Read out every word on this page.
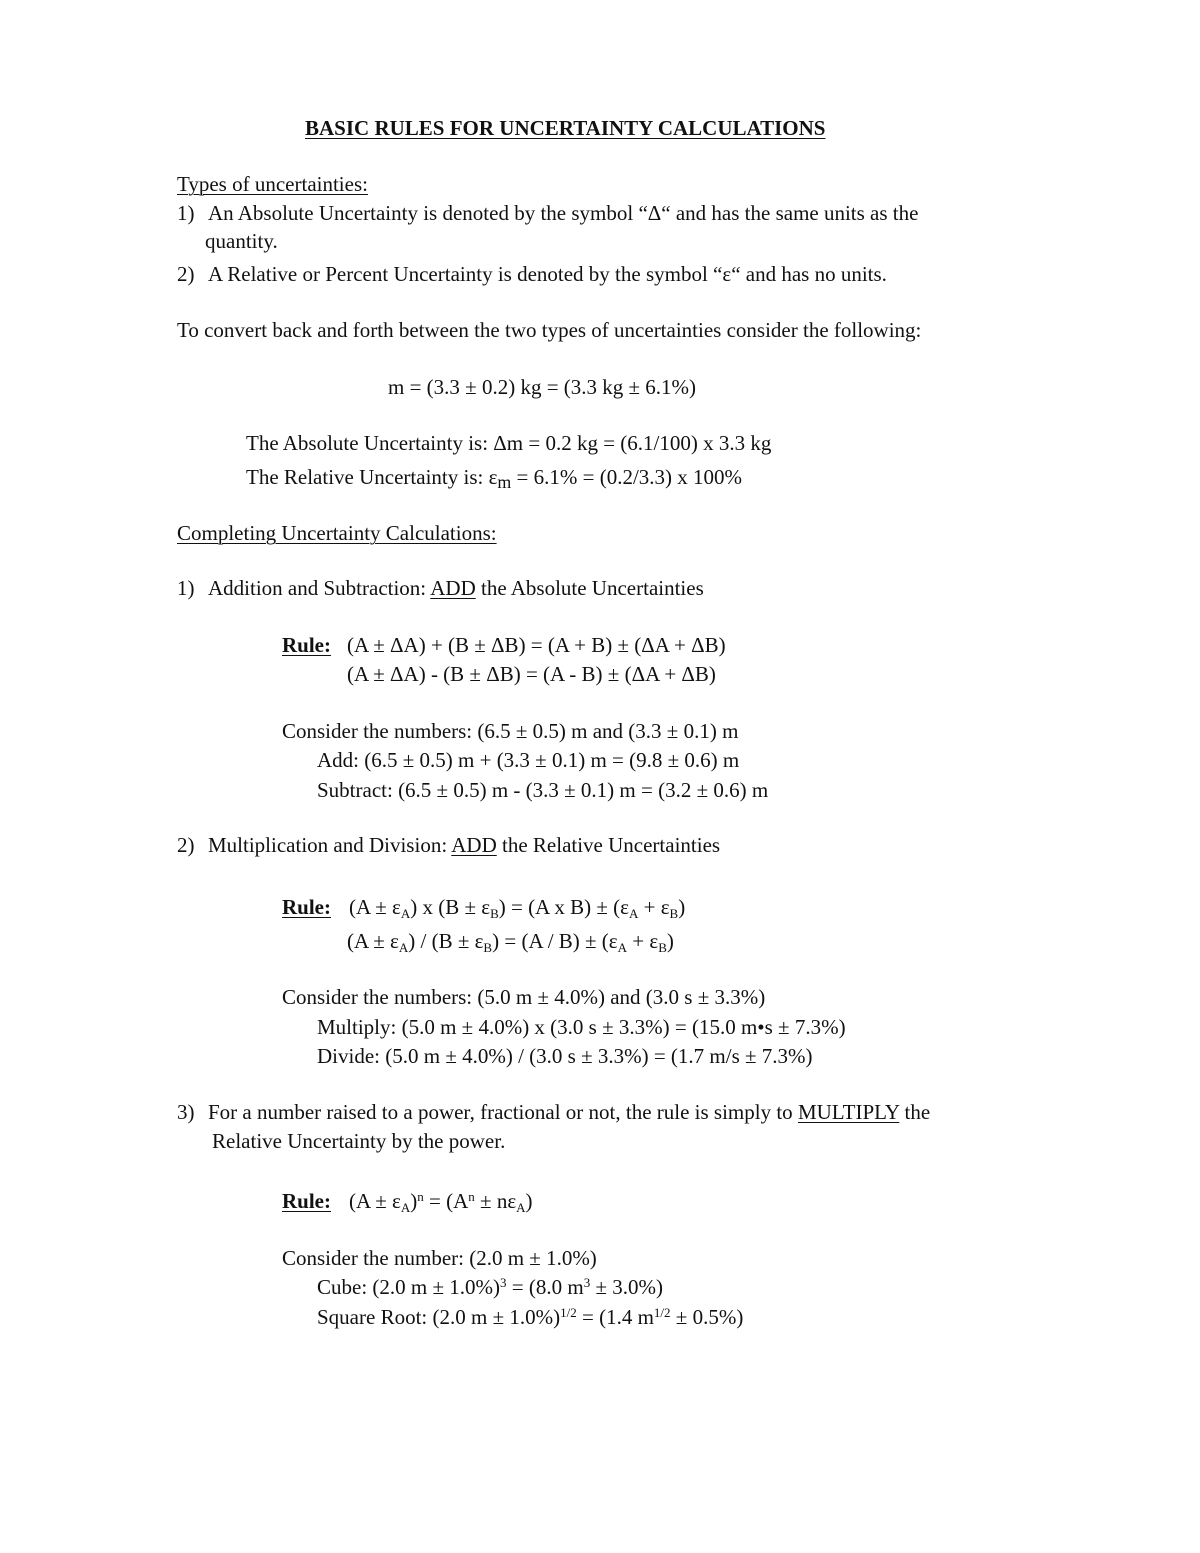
BASIC RULES FOR UNCERTAINTY CALCULATIONS
Types of uncertainties:
1) An Absolute Uncertainty is denoted by the symbol “Δ“ and has the same units as the
quantity.
2) A Relative or Percent Uncertainty is denoted by the symbol “ε“ and has no units.
To convert back and forth between the two types of uncertainties consider the following:
m = (3.3 ± 0.2) kg = (3.3 kg ± 6.1%)
The Absolute Uncertainty is: Δm = 0.2 kg = (6.1/100) x 3.3 kg
The Relative Uncertainty is: $\varepsilon_m = 6.1\% = (0.2/3.3)$ x 100%
Completing Uncertainty Calculations:
1) Addition and Subtraction: ADD the Absolute Uncertainties
Rule: (A ± ΔA) + (B ± ΔB) = (A + B) ± (ΔA + ΔB)
(A ± ΔA) - (B ± ΔB) = (A - B) ± (ΔA + ΔB)
Consider the numbers: (6.5 ± 0.5) m and (3.3 ± 0.1) m
Add: (6.5 ± 0.5) m + (3.3 ± 0.1) m = (9.8 ± 0.6) m
Subtract: (6.5 ± 0.5) m - (3.3 ± 0.1) m = (3.2 ± 0.6) m
2) Multiplication and Division: ADD the Relative Uncertainties
Rule: $(A \pm \varepsilon_A)$ x $(B \pm \varepsilon_B) = (A$ x $B) \pm (\varepsilon_A + \varepsilon_B)$
$(A \pm \varepsilon_A) / (B \pm \varepsilon_B) = (A / B) \pm (\varepsilon_A + \varepsilon_B)$
Consider the numbers: (5.0 m ± 4.0%) and (3.0 s ± 3.3%)
Multiply: (5.0 m ± 4.0%) x (3.0 s ± 3.3%) = (15.0 m•s ± 7.3%)
Divide: (5.0 m ± 4.0%) / (3.0 s ± 3.3%) = (1.7 m/s ± 7.3%)
3) For a number raised to a power, fractional or not, the rule is simply to MULTIPLY the
Relative Uncertainty by the power.
Rule: $(A \pm \varepsilon_A)^n = (A^n \pm n\varepsilon_A)$
Consider the number: (2.0 m ± 1.0%)
Cube: (2.0 m ± 1.0%)$^3$ = (8.0 $m^3 \pm 3.0\%$)
Square Root: (2.0 m ± 1.0%)$^{1/2}$ = (1.4 $m^{1/2} \pm 0.5\%$)
